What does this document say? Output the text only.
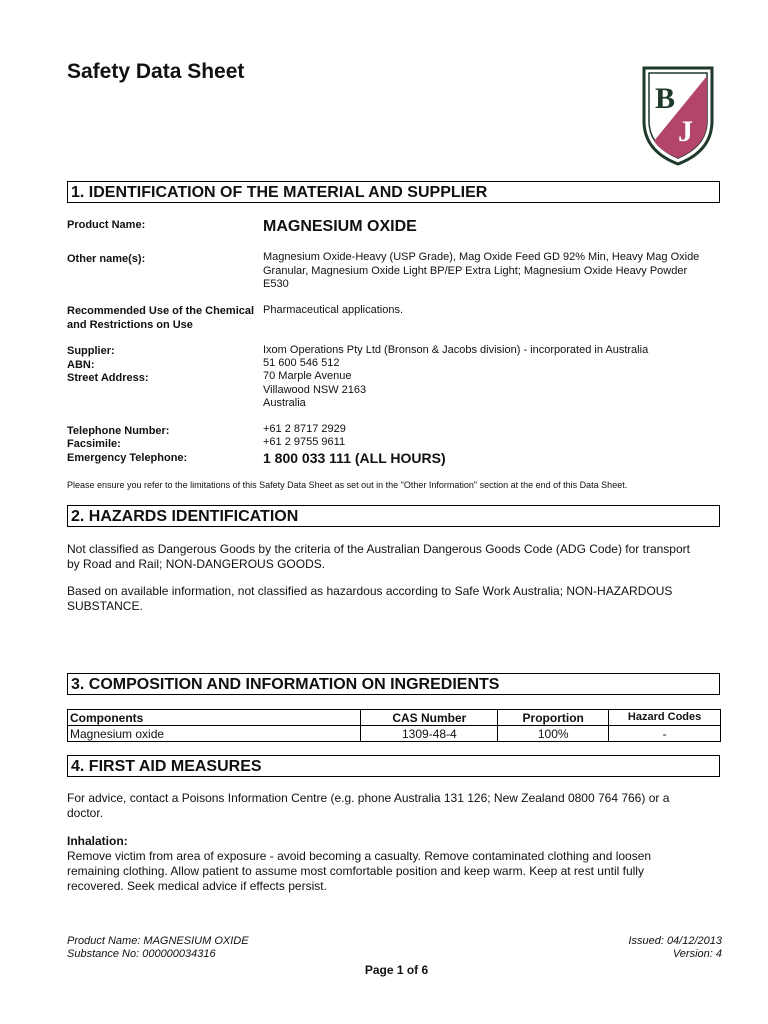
Safety Data Sheet
B
J
1. IDENTIFICATION OF THE MATERIAL AND SUPPLIER
Product Name:	MAGNESIUM OXIDE
Other name(s):	Magnesium Oxide-Heavy (USP Grade), Mag Oxide Feed GD 92% Min, Heavy Mag Oxide
Granular, Magnesium Oxide Light BP/EP Extra Light; Magnesium Oxide Heavy Powder
E530
Recommended Use of the Chemical
and Restrictions on Use
Pharmaceutical applications.
Supplier:	Ixom Operations Pty Ltd (Bronson & Jacobs division) - incorporated in Australia
ABN:	51 600 546 512
Street Address:	70 Marple Avenue
Villawood NSW 2163
Australia
Telephone Number:	+61 2 8717 2929
Facsimile:	+61 2 9755 9611
Emergency Telephone:	1 800 033 111 (ALL HOURS)
Please ensure you refer to the limitations of this Safety Data Sheet as set out in the "Other Information" section at the end of this Data Sheet.
2. HAZARDS IDENTIFICATION
Not classified as Dangerous Goods by the criteria of the Australian Dangerous Goods Code (ADG Code) for transport
by Road and Rail; NON-DANGEROUS GOODS.
Based on available information, not classified as hazardous according to Safe Work Australia; NON-HAZARDOUS
SUBSTANCE.
3. COMPOSITION AND INFORMATION ON INGREDIENTS
Components	CAS Number	Proportion	Hazard Codes
Magnesium oxide	1309-48-4	100%	-
4. FIRST AID MEASURES
For advice, contact a Poisons Information Centre (e.g. phone Australia 131 126; New Zealand 0800 764 766) or a
doctor.
Inhalation:
Remove victim from area of exposure - avoid becoming a casualty. Remove contaminated clothing and loosen
remaining clothing. Allow patient to assume most comfortable position and keep warm. Keep at rest until fully
recovered. Seek medical advice if effects persist.
Product Name: MAGNESIUM OXIDE
Substance No: 000000034316
Issued: 04/12/2013
Version: 4
Page 1 of 6
